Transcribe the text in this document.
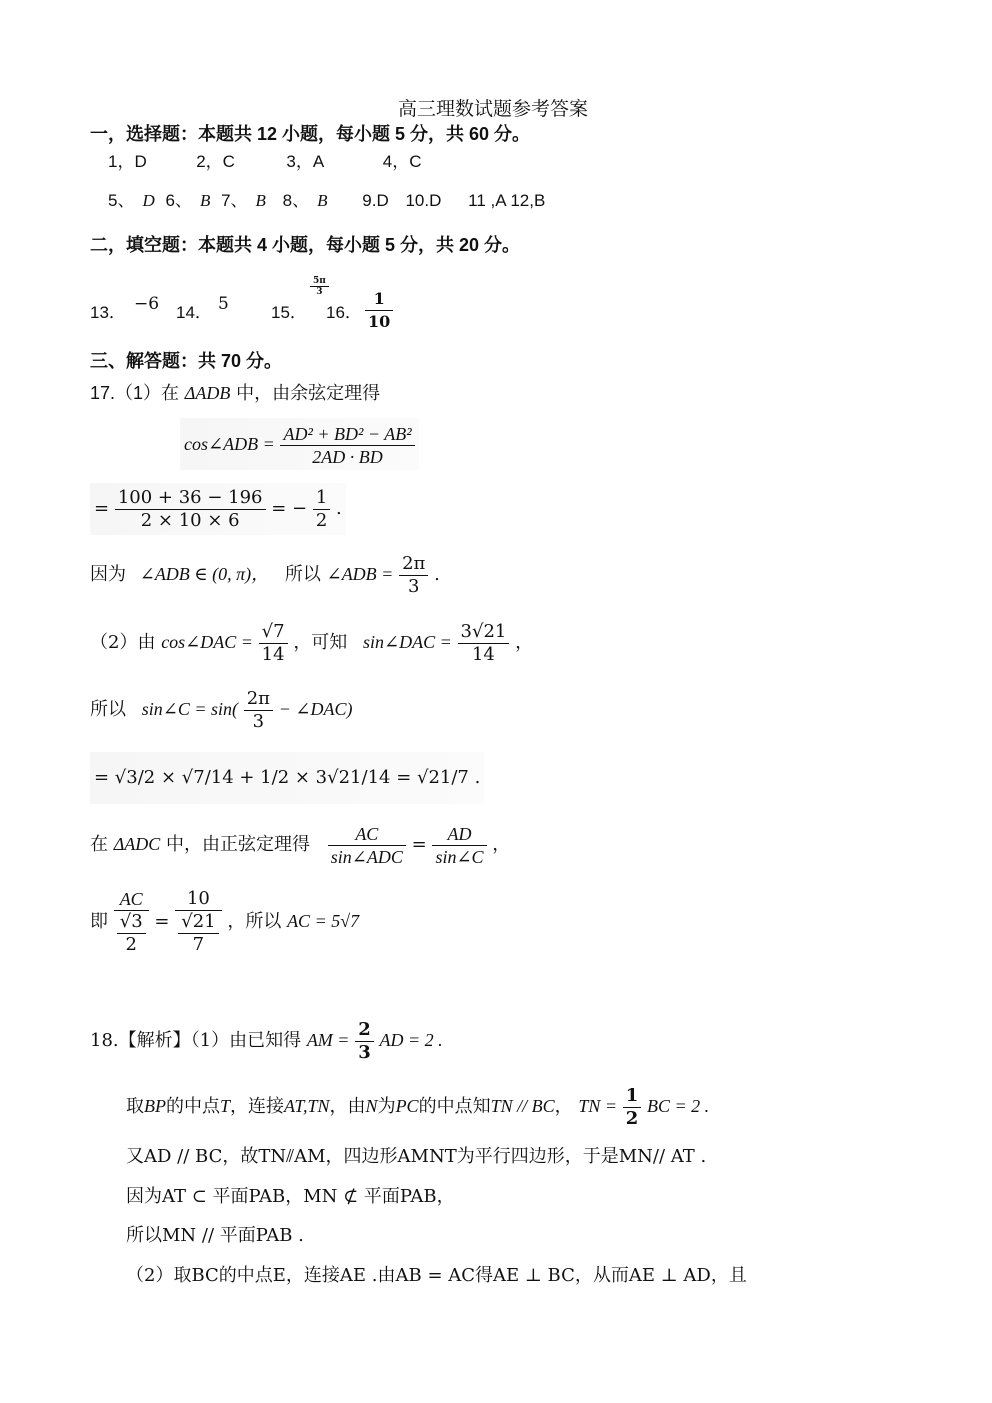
高三理数试题参考答案
一，选择题：本题共 12 小题，每小题 5 分，共 60 分。
1，D	2，C	3，A	4，C
5、 D 6、 B 7、 B 8、 B 9.D 10.D 11 ,A 12,B
二，填空题：本题共 4 小题，每小题 5 分，共 20 分。
13． −6 14． 5 15．
$\frac{5\pi}{3}$
16． $\frac{1}{10}$
三、解答题：共 70 分。
17.（1）在 ΔADB 中，由余弦定理得
cos∠ADB = $\frac{\text{AD² + BD² − AB²}}{2AD \cdot BD}$
= $\frac{100 + 36 - 196}{2 \times 10 \times 6}$ = − $\frac{1}{2}$ .
因为 ∠ADB ∈ (0, π)， 所以 ∠ADB = $\frac{2\pi}{3}$ .
（2）由 cos∠DAC = $\frac{√7}{14}$ ，可知 sin∠DAC = $\frac{3√21}{14}$ ，
所以 sin∠C = $\sin( \frac{2\pi}{3}$ − ∠DAC)
= √3/2 × √7/14 + 1/2 × 3√21/14 = √21/7 .
在 ΔADC 中，由正弦定理得 $\frac{AC}{\text{sin∠ADC}} = \frac{AD}{\sin\angle C}$ ，
即 $\frac{AC}{\frac{√3}{2}} = \frac{10}{\frac{√21}{7}}$ ，所以 AC = 5√7
18.【解析】（1）由已知得 AM = $\frac{2}{3}$ AD = 2 .
取BP的中点T，连接AT,TN，由N为PC的中点知TN // BC， TN = $\frac{1}{2}$ BC = 2 .
又AD // BC，故TN⫽AM，四边形AMNT为平行四边形，于是MN// AT .
因为AT ⊂ 平面PAB，MN ⊄ 平面PAB，
所以MN // 平面PAB .
（2）取BC的中点E，连接AE .由AB = AC得AE ⊥ BC，从而AE ⊥ AD，且
